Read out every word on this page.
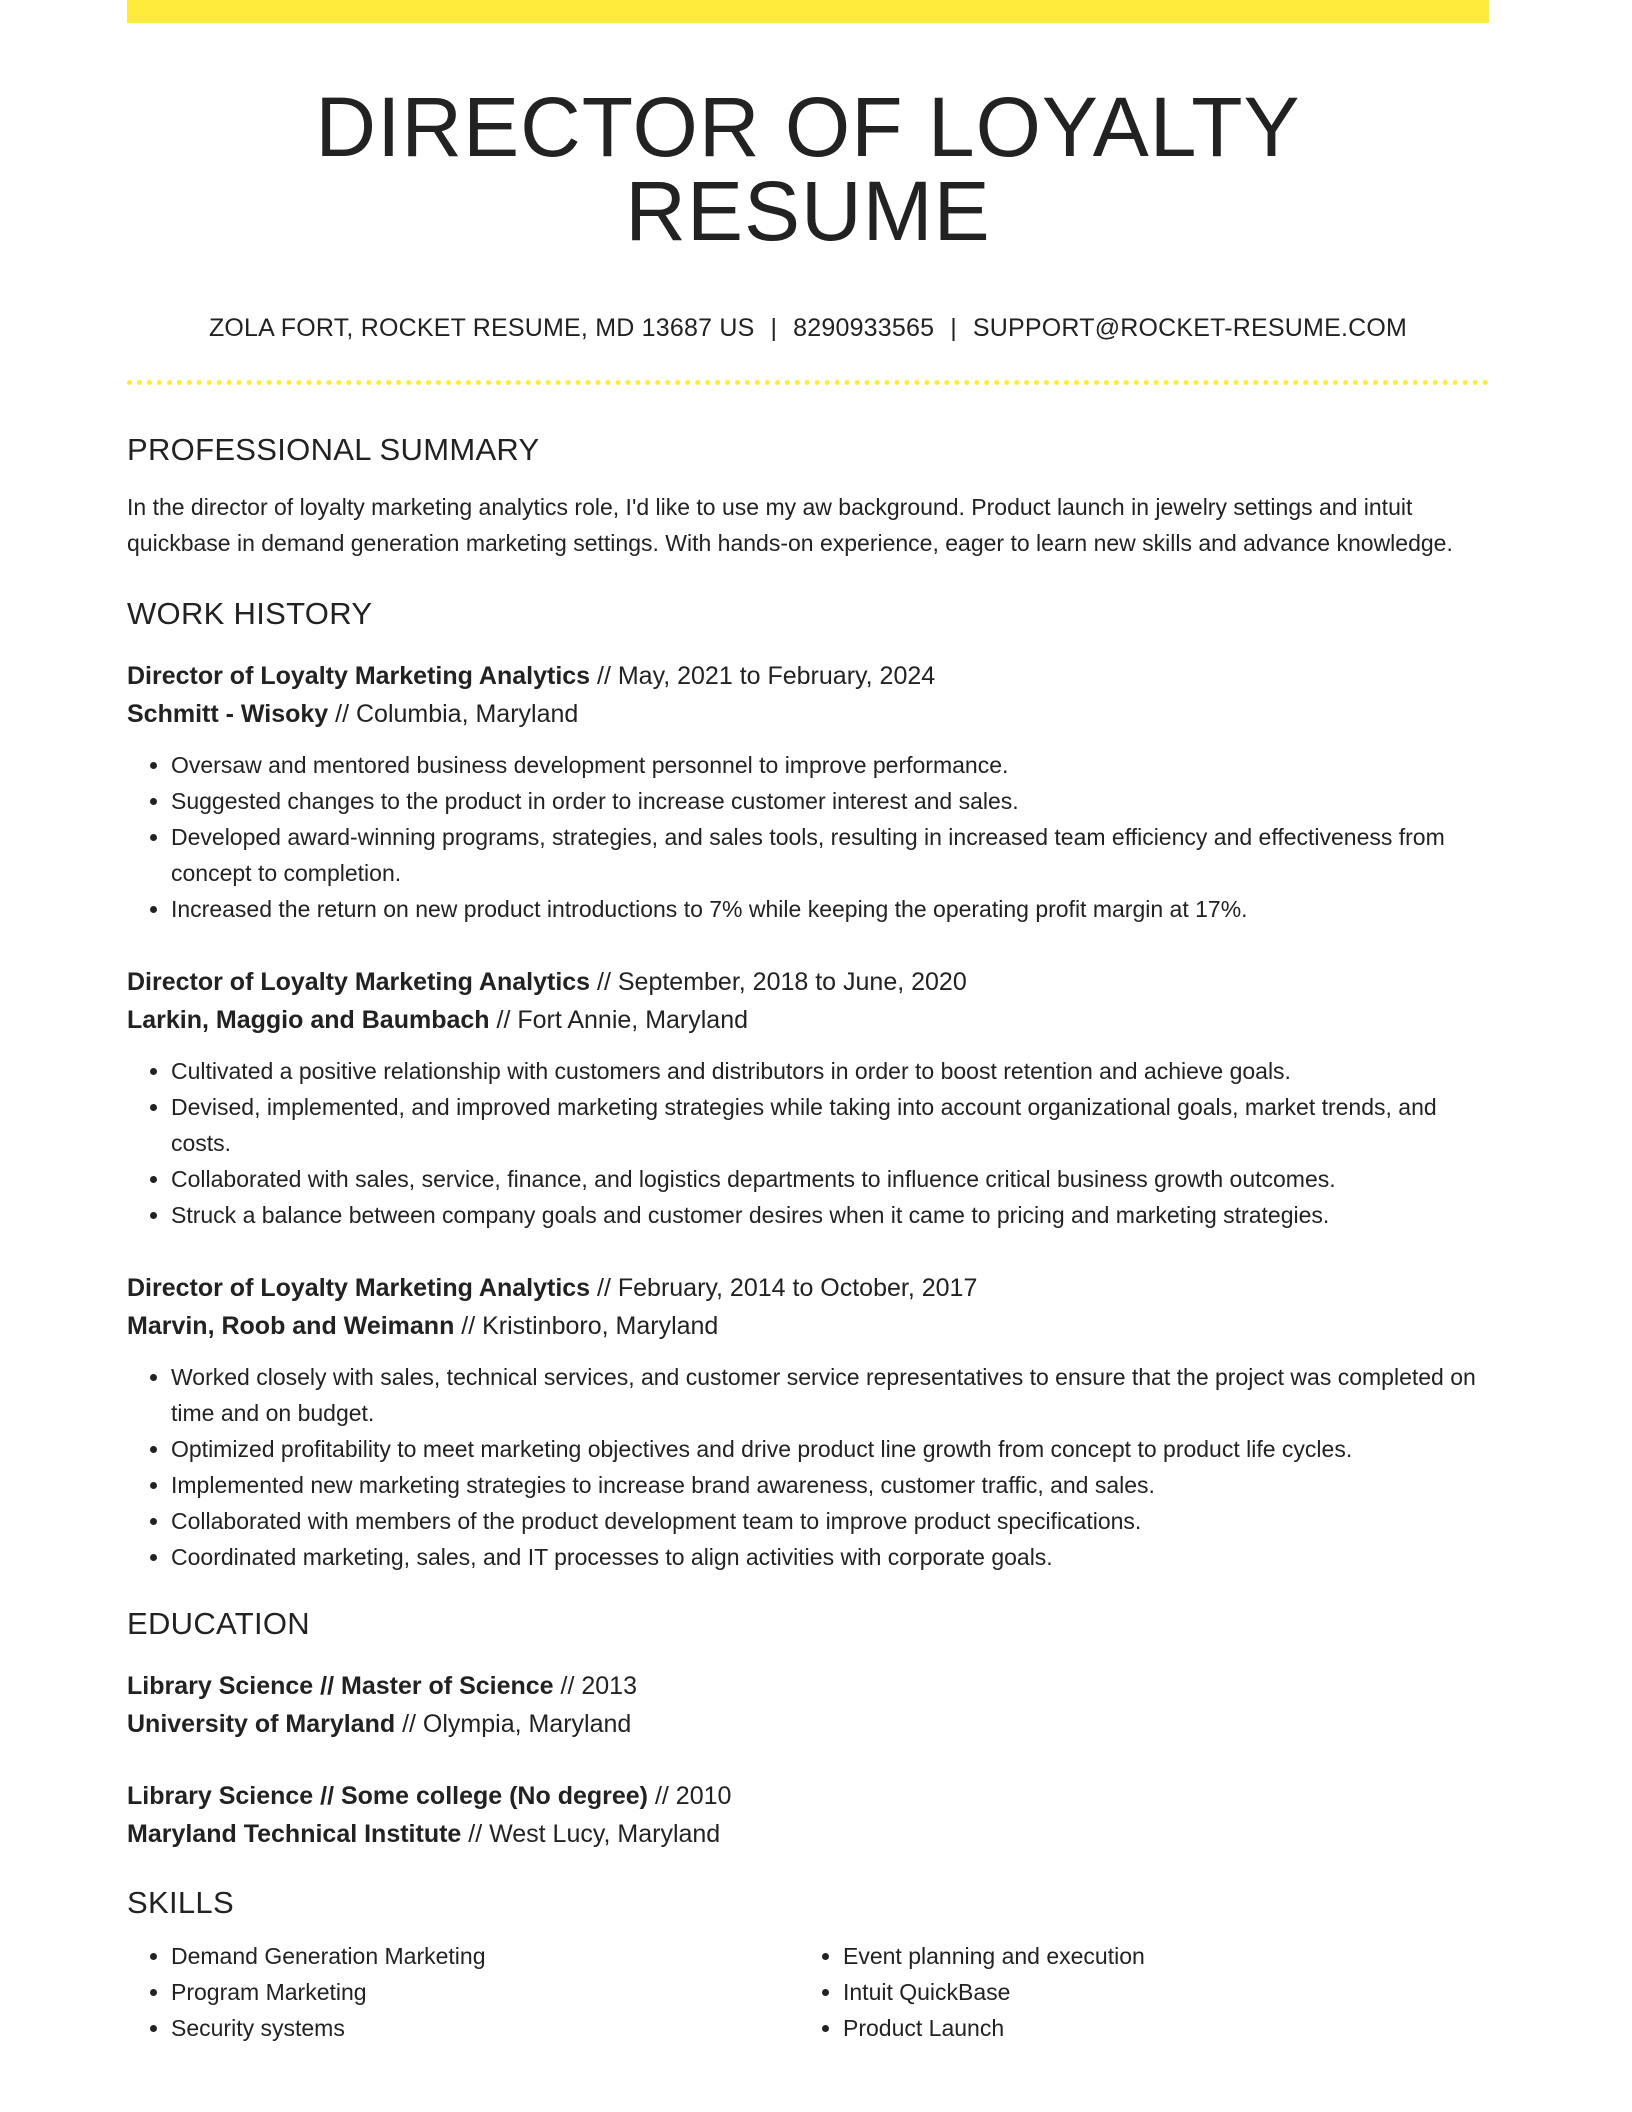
DIRECTOR OF LOYALTY RESUME
ZOLA FORT, ROCKET RESUME, MD 13687 US | 8290933565 | SUPPORT@ROCKET-RESUME.COM
PROFESSIONAL SUMMARY
In the director of loyalty marketing analytics role, I'd like to use my aw background. Product launch in jewelry settings and intuit quickbase in demand generation marketing settings. With hands-on experience, eager to learn new skills and advance knowledge.
WORK HISTORY
Director of Loyalty Marketing Analytics // May, 2021 to February, 2024
Schmitt - Wisoky // Columbia, Maryland
• Oversaw and mentored business development personnel to improve performance.
• Suggested changes to the product in order to increase customer interest and sales.
• Developed award-winning programs, strategies, and sales tools, resulting in increased team efficiency and effectiveness from concept to completion.
• Increased the return on new product introductions to 7% while keeping the operating profit margin at 17%.
Director of Loyalty Marketing Analytics // September, 2018 to June, 2020
Larkin, Maggio and Baumbach // Fort Annie, Maryland
• Cultivated a positive relationship with customers and distributors in order to boost retention and achieve goals.
• Devised, implemented, and improved marketing strategies while taking into account organizational goals, market trends, and costs.
• Collaborated with sales, service, finance, and logistics departments to influence critical business growth outcomes.
• Struck a balance between company goals and customer desires when it came to pricing and marketing strategies.
Director of Loyalty Marketing Analytics // February, 2014 to October, 2017
Marvin, Roob and Weimann // Kristinboro, Maryland
• Worked closely with sales, technical services, and customer service representatives to ensure that the project was completed on time and on budget.
• Optimized profitability to meet marketing objectives and drive product line growth from concept to product life cycles.
• Implemented new marketing strategies to increase brand awareness, customer traffic, and sales.
• Collaborated with members of the product development team to improve product specifications.
• Coordinated marketing, sales, and IT processes to align activities with corporate goals.
EDUCATION
Library Science // Master of Science // 2013
University of Maryland // Olympia, Maryland
Library Science // Some college (No degree) // 2010
Maryland Technical Institute // West Lucy, Maryland
SKILLS
• Demand Generation Marketing
• Program Marketing
• Security systems
• Event planning and execution
• Intuit QuickBase
• Product Launch
